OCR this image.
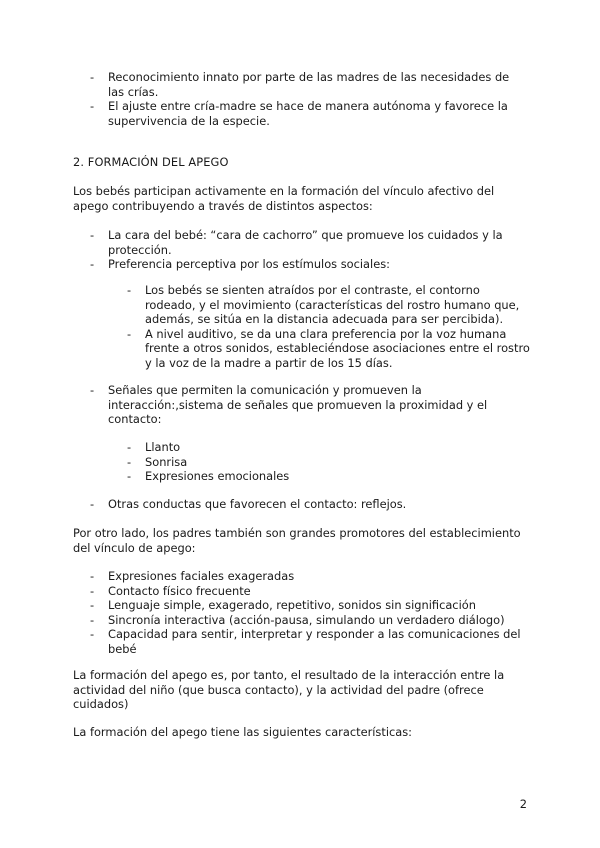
- Reconocimiento innato por parte de las madres de las necesidades de las crías.
- El ajuste entre cría-madre se hace de manera autónoma y favorece la supervivencia de la especie.

2. FORMACIÓN DEL APEGO

Los bebés participan activamente en la formación del vínculo afectivo del apego contribuyendo a través de distintos aspectos:

- La cara del bebé: “cara de cachorro” que promueve los cuidados y la protección.
- Preferencia perceptiva por los estímulos sociales:
- Los bebés se sienten atraídos por el contraste, el contorno rodeado, y el movimiento (características del rostro humano que, además, se sitúa en la distancia adecuada para ser percibida).
- A nivel auditivo, se da una clara preferencia por la voz humana frente a otros sonidos, estableciéndose asociaciones entre el rostro y la voz de la madre a partir de los 15 días.
- Señales que permiten la comunicación y promueven la interacción:,sistema de señales que promueven la proximidad y el contacto:
- Llanto
- Sonrisa
- Expresiones emocionales
- Otras conductas que favorecen el contacto: reflejos.

Por otro lado, los padres también son grandes promotores del establecimiento del vínculo de apego:

- Expresiones faciales exageradas
- Contacto físico frecuente
- Lenguaje simple, exagerado, repetitivo, sonidos sin significación
- Sincronía interactiva (acción-pausa, simulando un verdadero diálogo)
- Capacidad para sentir, interpretar y responder a las comunicaciones del bebé

La formación del apego es, por tanto, el resultado de la interacción entre la actividad del niño (que busca contacto), y la actividad del padre (ofrece cuidados)

La formación del apego tiene las siguientes características:

2
